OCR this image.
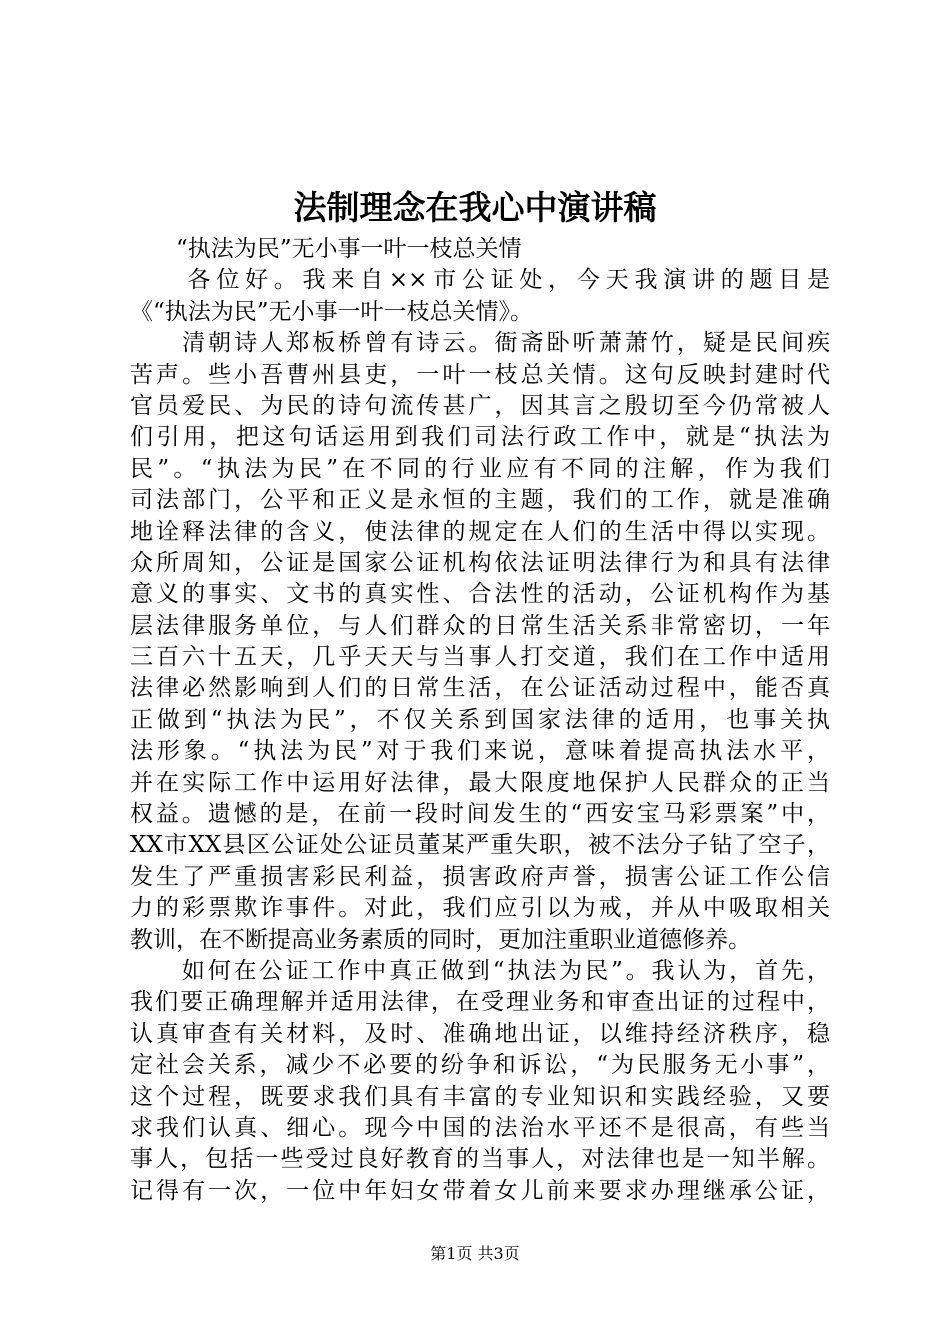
法制理念在我心中演讲稿
　　“执法为民”无小事一叶一枝总关情
　　各位好。我来自××市公证处，今天我演讲的题目是
《“执法为民”无小事一叶一枝总关情》。
　　清朝诗人郑板桥曾有诗云。衙斋卧听萧萧竹，疑是民间疾
苦声。些小吾曹州县吏，一叶一枝总关情。这句反映封建时代
官员爱民、为民的诗句流传甚广，因其言之殷切至今仍常被人
们引用，把这句话运用到我们司法行政工作中，就是“执法为
民”。“执法为民”在不同的行业应有不同的注解，作为我们
司法部门，公平和正义是永恒的主题，我们的工作，就是准确
地诠释法律的含义，使法律的规定在人们的生活中得以实现。
众所周知，公证是国家公证机构依法证明法律行为和具有法律
意义的事实、文书的真实性、合法性的活动，公证机构作为基
层法律服务单位，与人们群众的日常生活关系非常密切，一年
三百六十五天，几乎天天与当事人打交道，我们在工作中适用
法律必然影响到人们的日常生活，在公证活动过程中，能否真
正做到“执法为民”，不仅关系到国家法律的适用，也事关执
法形象。“执法为民”对于我们来说，意味着提高执法水平，
并在实际工作中运用好法律，最大限度地保护人民群众的正当
权益。遗憾的是，在前一段时间发生的“西安宝马彩票案”中，
XX市XX县区公证处公证员董某严重失职，被不法分子钻了空子，
发生了严重损害彩民利益，损害政府声誉，损害公证工作公信
力的彩票欺诈事件。对此，我们应引以为戒，并从中吸取相关
教训，在不断提高业务素质的同时，更加注重职业道德修养。
　　如何在公证工作中真正做到“执法为民”。我认为，首先，
我们要正确理解并适用法律，在受理业务和审查出证的过程中，
认真审查有关材料，及时、准确地出证，以维持经济秩序，稳
定社会关系，减少不必要的纷争和诉讼，“为民服务无小事”，
这个过程，既要求我们具有丰富的专业知识和实践经验，又要
求我们认真、细心。现今中国的法治水平还不是很高，有些当
事人，包括一些受过良好教育的当事人，对法律也是一知半解。
记得有一次，一位中年妇女带着女儿前来要求办理继承公证，
第1页 共3页
